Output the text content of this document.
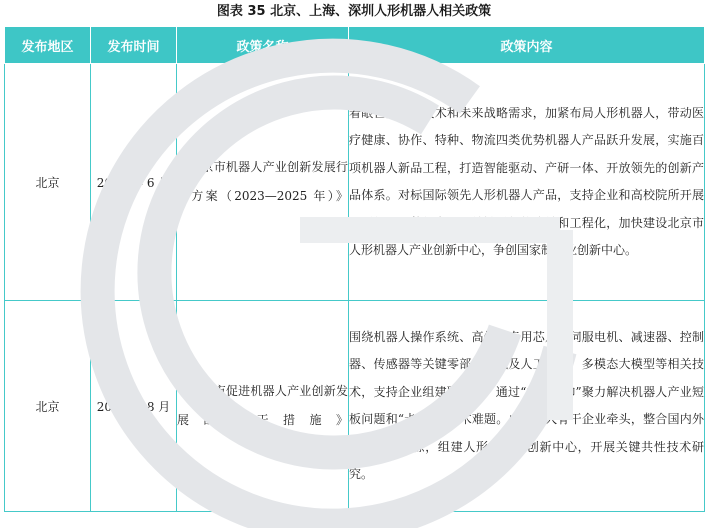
图表 35 北京、上海、深圳人形机器人相关政策
发布地区	发布时间	政策名称	政策内容
北京	2023 年 6 月	《北京市机器人产业创新发展行动方案（2023—2025 年）》	着眼世界前沿技术和未来战略需求，加紧布局人形机器人，带动医疗健康、协作、特种、物流四类优势机器人产品跃升发展，实施百项机器人新品工程，打造智能驱动、产研一体、开放领先的创新产品体系。对标国际领先人形机器人产品，支持企业和高校院所开展人形机器人整机产品、关键零部件攻关和工程化，加快建设北京市人形机器人产业创新中心，争创国家制造业创新中心。
北京	2023 年 8 月	《北京市促进机器人产业创新发展的若干措施》	围绕机器人操作系统、高性能专用芯片和伺服电机、减速器、控制器、传感器等关键零部件，以及人工智能、多模态大模型等相关技术，支持企业组建联合体，通过“揭榜挂帅”聚力解决机器人产业短板问题和“卡脖子”技术难题。由机器人骨干企业牵头，整合国内外一流创新资源，组建人形机器人创新中心，开展关键共性技术研究。
